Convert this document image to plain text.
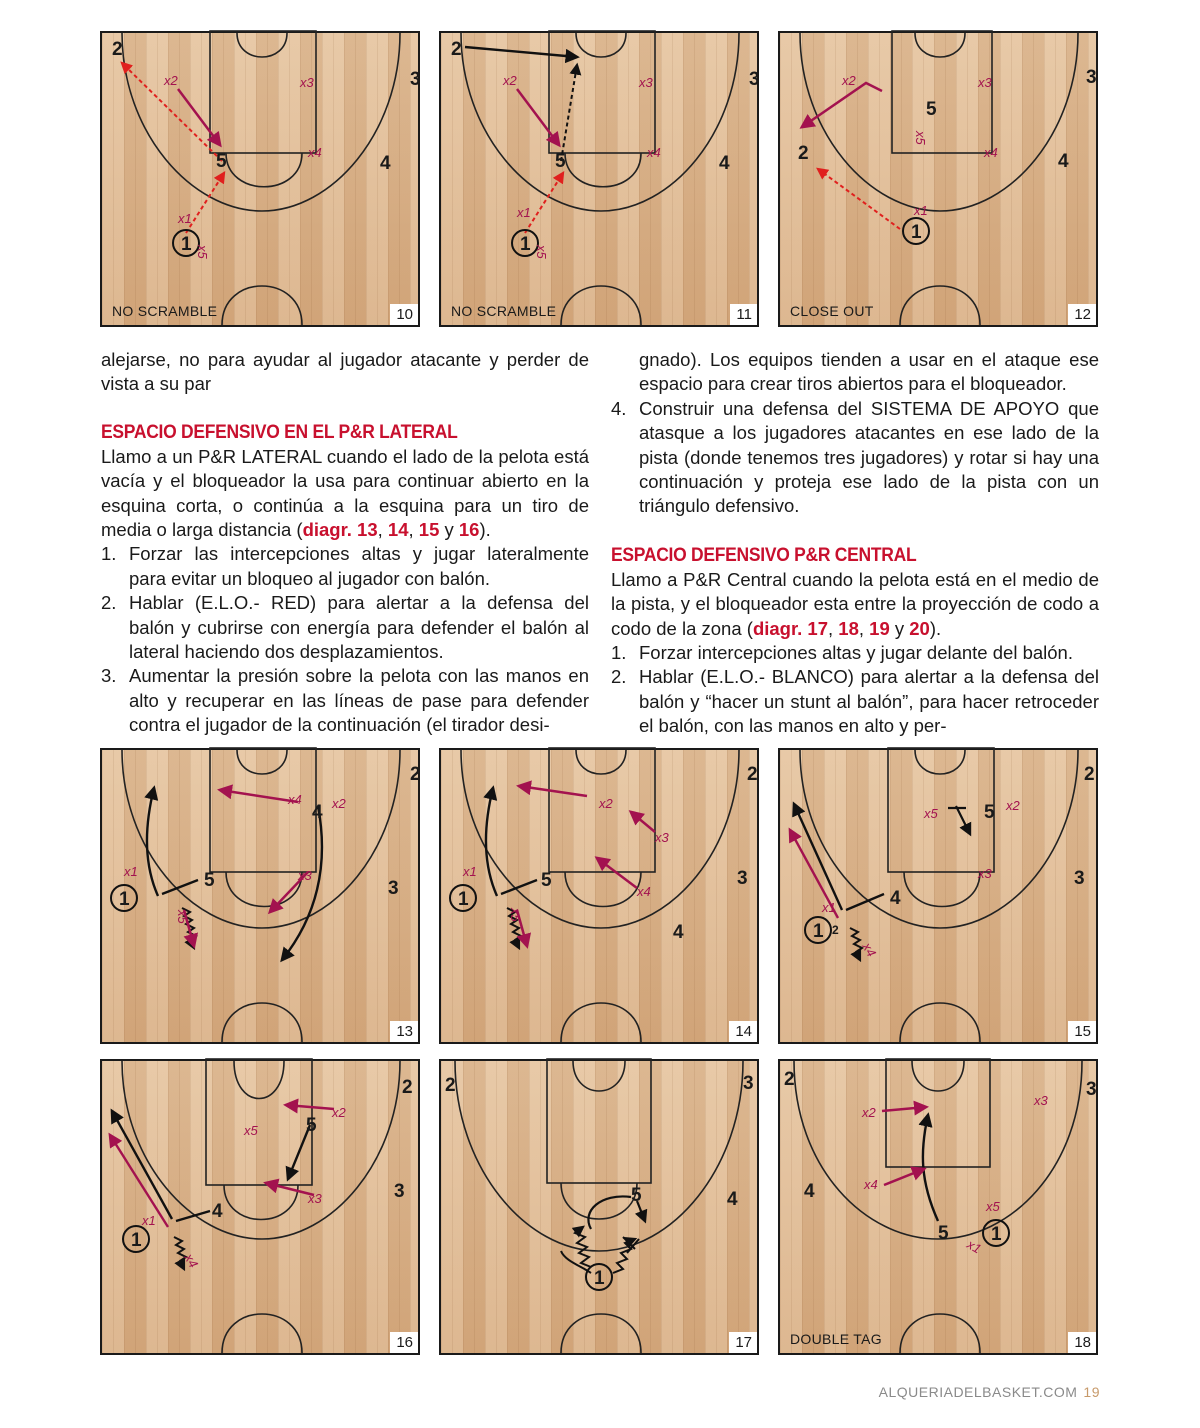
1
2
3
4
5
x2	x3
x4
x1
x5
NO SCRAMBLE	10
1
2
3
4
5
x2	x3
x4
x1
x5
NO SCRAMBLE	11
1
2
3
4
5
x2	x3
x4
x1
x5
CLOSE OUT	12

alejarse, no para ayudar al jugador atacante y perder de vista a su par

ESPACIO DEFENSIVO EN EL P&R LATERAL

Llamo a un P&R LATERAL cuando el lado de la pelota está vacía y el bloqueador la usa para continuar abierto en la esquina corta, o continúa a la esquina para un tiro de media o larga distancia (diagr. 13, 14, 15 y 16).

1. Forzar las intercepciones altas y jugar lateralmente para evitar un bloqueo al jugador con balón.
2. Hablar (E.L.O.- RED) para alertar a la defensa del balón y cubrirse con energía para defender el balón al lateral haciendo dos desplazamientos.
3. Aumentar la presión sobre la pelota con las manos en alto y recuperar en las líneas de pase para defender contra el jugador de la continuación (el tirador desi-

gnado). Los equipos tienden a usar en el ataque ese espacio para crear tiros abiertos para el bloqueador.

4. Construir una defensa del SISTEMA DE APOYO que atasque a los jugadores atacantes en ese lado de la pista (donde tenemos tres jugadores) y rotar si hay una continuación y proteja ese lado de la pista con un triángulo defensivo.
ESPACIO DEFENSIVO P&R CENTRAL

Llamo a P&R Central cuando la pelota está en el medio de la pista, y el bloqueador esta entre la proyección de codo a codo de la zona (diagr. 17, 18, 19 y 20).

1. Forzar intercepciones altas y jugar delante del balón.
2. Hablar (E.L.O.- BLANCO) para alertar a la defensa del balón y “hacer un stunt al balón”, para hacer retroceder el balón, con las manos en alto y per-
1
2
3
4
5
x2
x3
x4
x1
x5
13
1
2
3
4
5
x2
x3
x4
x1
x5
14
1 2
2
3
4
5 x2
x3
x5
x1
x4
15
1
2
3
4
5
x2
x3
x5
x1
x4
16
1
2	3
4
5
17
1
2	3
4
5
x2
x3
x4
x5
x1
DOUBLE TAG	18
ALQUERIADELBASKET.COM 19
